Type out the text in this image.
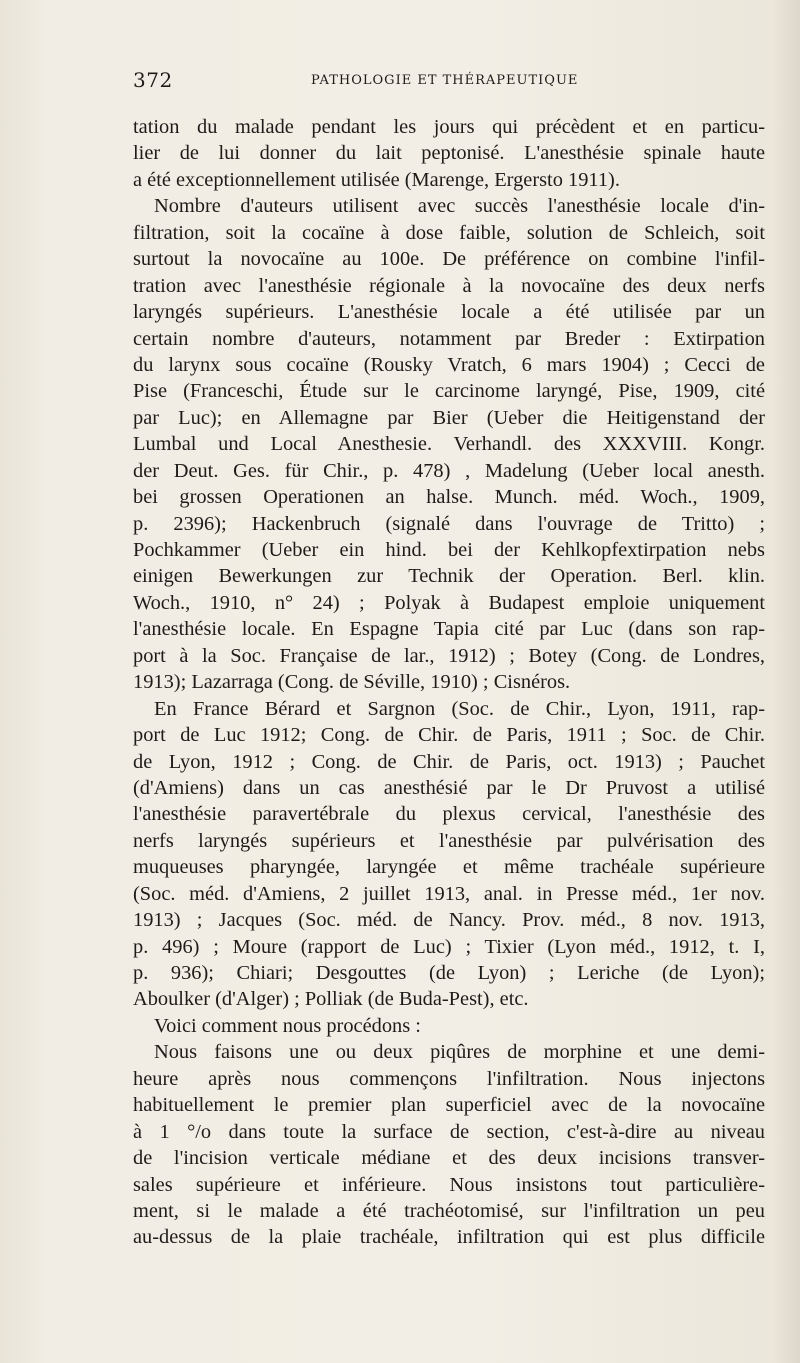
372	PATHOLOGIE ET THÉRAPEUTIQUE
tation du malade pendant les jours qui précèdent et en particu-
lier de lui donner du lait peptonisé. L'anesthésie spinale haute
a été exceptionnellement utilisée (Marenge, Ergersto 1911).
Nombre d'auteurs utilisent avec succès l'anesthésie locale d'in-
filtration, soit la cocaïne à dose faible, solution de Schleich, soit
surtout la novocaïne au 100e. De préférence on combine l'infil-
tration avec l'anesthésie régionale à la novocaïne des deux nerfs
laryngés supérieurs. L'anesthésie locale a été utilisée par un
certain nombre d'auteurs, notamment par Breder : Extirpation
du larynx sous cocaïne (Rousky Vratch, 6 mars 1904) ; Cecci de
Pise (Franceschi, Étude sur le carcinome laryngé, Pise, 1909, cité
par Luc); en Allemagne par Bier (Ueber die Heitigenstand der
Lumbal und Local Anesthesie. Verhandl. des XXXVIII. Kongr.
der Deut. Ges. für Chir., p. 478) , Madelung (Ueber local anesth.
bei grossen Operationen an halse. Munch. méd. Woch., 1909,
p. 2396); Hackenbruch (signalé dans l'ouvrage de Tritto) ;
Pochkammer (Ueber ein hind. bei der Kehlkopfextirpation nebs
einigen Bewerkungen zur Technik der Operation. Berl. klin.
Woch., 1910, n° 24) ; Polyak à Budapest emploie uniquement
l'anesthésie locale. En Espagne Tapia cité par Luc (dans son rap-
port à la Soc. Française de lar., 1912) ; Botey (Cong. de Londres,
1913); Lazarraga (Cong. de Séville, 1910) ; Cisnéros.
En France Bérard et Sargnon (Soc. de Chir., Lyon, 1911, rap-
port de Luc 1912; Cong. de Chir. de Paris, 1911 ; Soc. de Chir.
de Lyon, 1912 ; Cong. de Chir. de Paris, oct. 1913) ; Pauchet
(d'Amiens) dans un cas anesthésié par le Dr Pruvost a utilisé
l'anesthésie paravertébrale du plexus cervical, l'anesthésie des
nerfs laryngés supérieurs et l'anesthésie par pulvérisation des
muqueuses pharyngée, laryngée et même trachéale supérieure
(Soc. méd. d'Amiens, 2 juillet 1913, anal. in Presse méd., 1er nov.
1913) ; Jacques (Soc. méd. de Nancy. Prov. méd., 8 nov. 1913,
p. 496) ; Moure (rapport de Luc) ; Tixier (Lyon méd., 1912, t. I,
p. 936); Chiari; Desgouttes (de Lyon) ; Leriche (de Lyon);
Aboulker (d'Alger) ; Polliak (de Buda-Pest), etc.
Voici comment nous procédons :
Nous faisons une ou deux piqûres de morphine et une demi-
heure après nous commençons l'infiltration. Nous injectons
habituellement le premier plan superficiel avec de la novocaïne
à 1 °/o dans toute la surface de section, c'est-à-dire au niveau
de l'incision verticale médiane et des deux incisions transver-
sales supérieure et inférieure. Nous insistons tout particulière-
ment, si le malade a été trachéotomisé, sur l'infiltration un peu
au-dessus de la plaie trachéale, infiltration qui est plus difficile
